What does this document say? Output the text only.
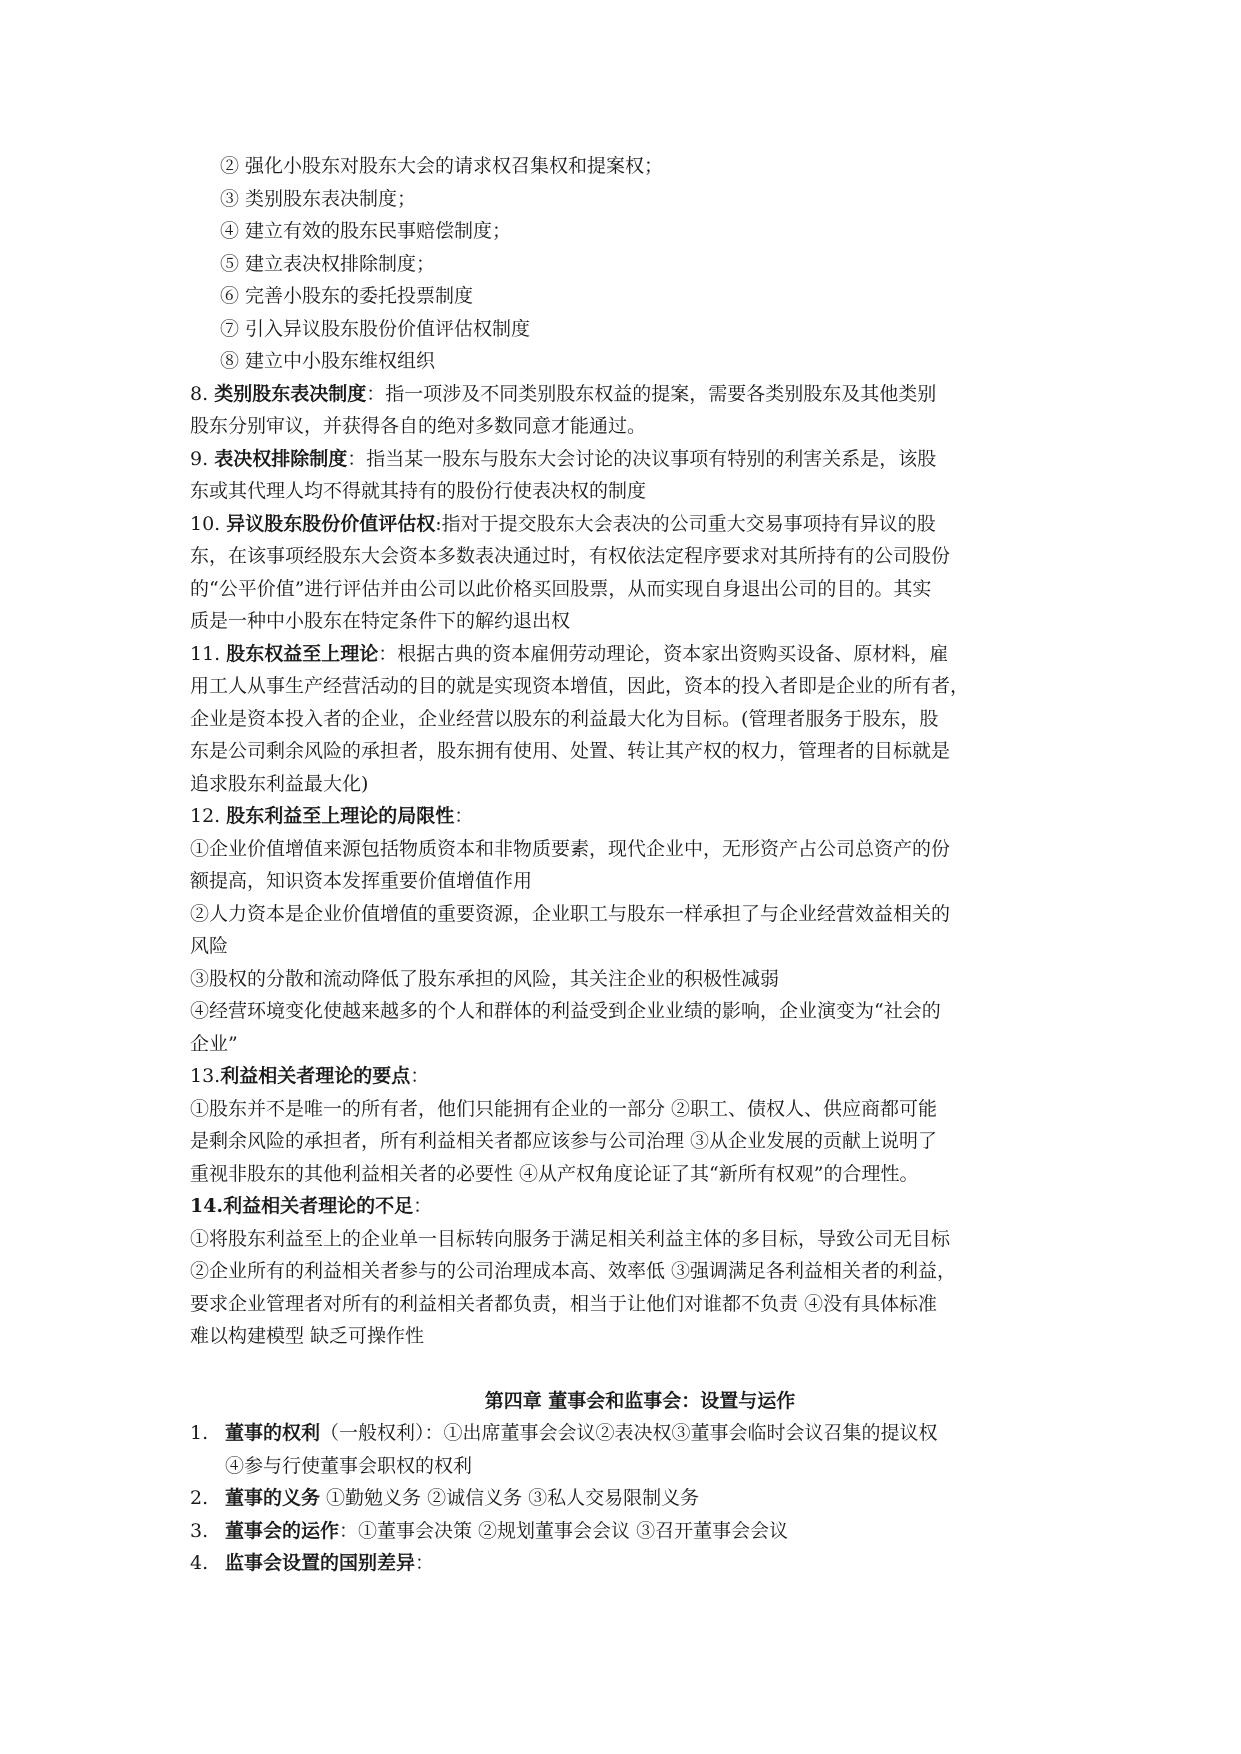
② 强化小股东对股东大会的请求权召集权和提案权；
③ 类别股东表决制度；
④ 建立有效的股东民事赔偿制度；
⑤ 建立表决权排除制度；
⑥ 完善小股东的委托投票制度
⑦ 引入异议股东股份价值评估权制度
⑧ 建立中小股东维权组织
8. 类别股东表决制度：指一项涉及不同类别股东权益的提案，需要各类别股东及其他类别
股东分别审议，并获得各自的绝对多数同意才能通过。
9. 表决权排除制度：指当某一股东与股东大会讨论的决议事项有特别的利害关系是，该股
东或其代理人均不得就其持有的股份行使表决权的制度
10. 异议股东股份价值评估权:指对于提交股东大会表决的公司重大交易事项持有异议的股
东，在该事项经股东大会资本多数表决通过时，有权依法定程序要求对其所持有的公司股份
的“公平价值”进行评估并由公司以此价格买回股票，从而实现自身退出公司的目的。其实
质是一种中小股东在特定条件下的解约退出权
11. 股东权益至上理论：根据古典的资本雇佣劳动理论，资本家出资购买设备、原材料，雇
用工人从事生产经营活动的目的就是实现资本增值，因此，资本的投入者即是企业的所有者，
企业是资本投入者的企业，企业经营以股东的利益最大化为目标。(管理者服务于股东，股
东是公司剩余风险的承担者，股东拥有使用、处置、转让其产权的权力，管理者的目标就是
追求股东利益最大化)
12. 股东利益至上理论的局限性：
①企业价值增值来源包括物质资本和非物质要素，现代企业中，无形资产占公司总资产的份
额提高，知识资本发挥重要价值增值作用
②人力资本是企业价值增值的重要资源，企业职工与股东一样承担了与企业经营效益相关的
风险
③股权的分散和流动降低了股东承担的风险，其关注企业的积极性减弱
④经营环境变化使越来越多的个人和群体的利益受到企业业绩的影响，企业演变为“社会的
企业”
13.利益相关者理论的要点：
①股东并不是唯一的所有者，他们只能拥有企业的一部分 ②职工、债权人、供应商都可能
是剩余风险的承担者，所有利益相关者都应该参与公司治理 ③从企业发展的贡献上说明了
重视非股东的其他利益相关者的必要性 ④从产权角度论证了其“新所有权观”的合理性。
14.利益相关者理论的不足：
①将股东利益至上的企业单一目标转向服务于满足相关利益主体的多目标，导致公司无目标
②企业所有的利益相关者参与的公司治理成本高、效率低 ③强调满足各利益相关者的利益，
要求企业管理者对所有的利益相关者都负责，相当于让他们对谁都不负责 ④没有具体标准
难以构建模型 缺乏可操作性
第四章 董事会和监事会：设置与运作
1. 董事的权利（一般权利）：①出席董事会会议②表决权③董事会临时会议召集的提议权
④参与行使董事会职权的权利
2. 董事的义务 ①勤勉义务 ②诚信义务 ③私人交易限制义务
3. 董事会的运作：①董事会决策 ②规划董事会会议 ③召开董事会会议
4. 监事会设置的国别差异：
